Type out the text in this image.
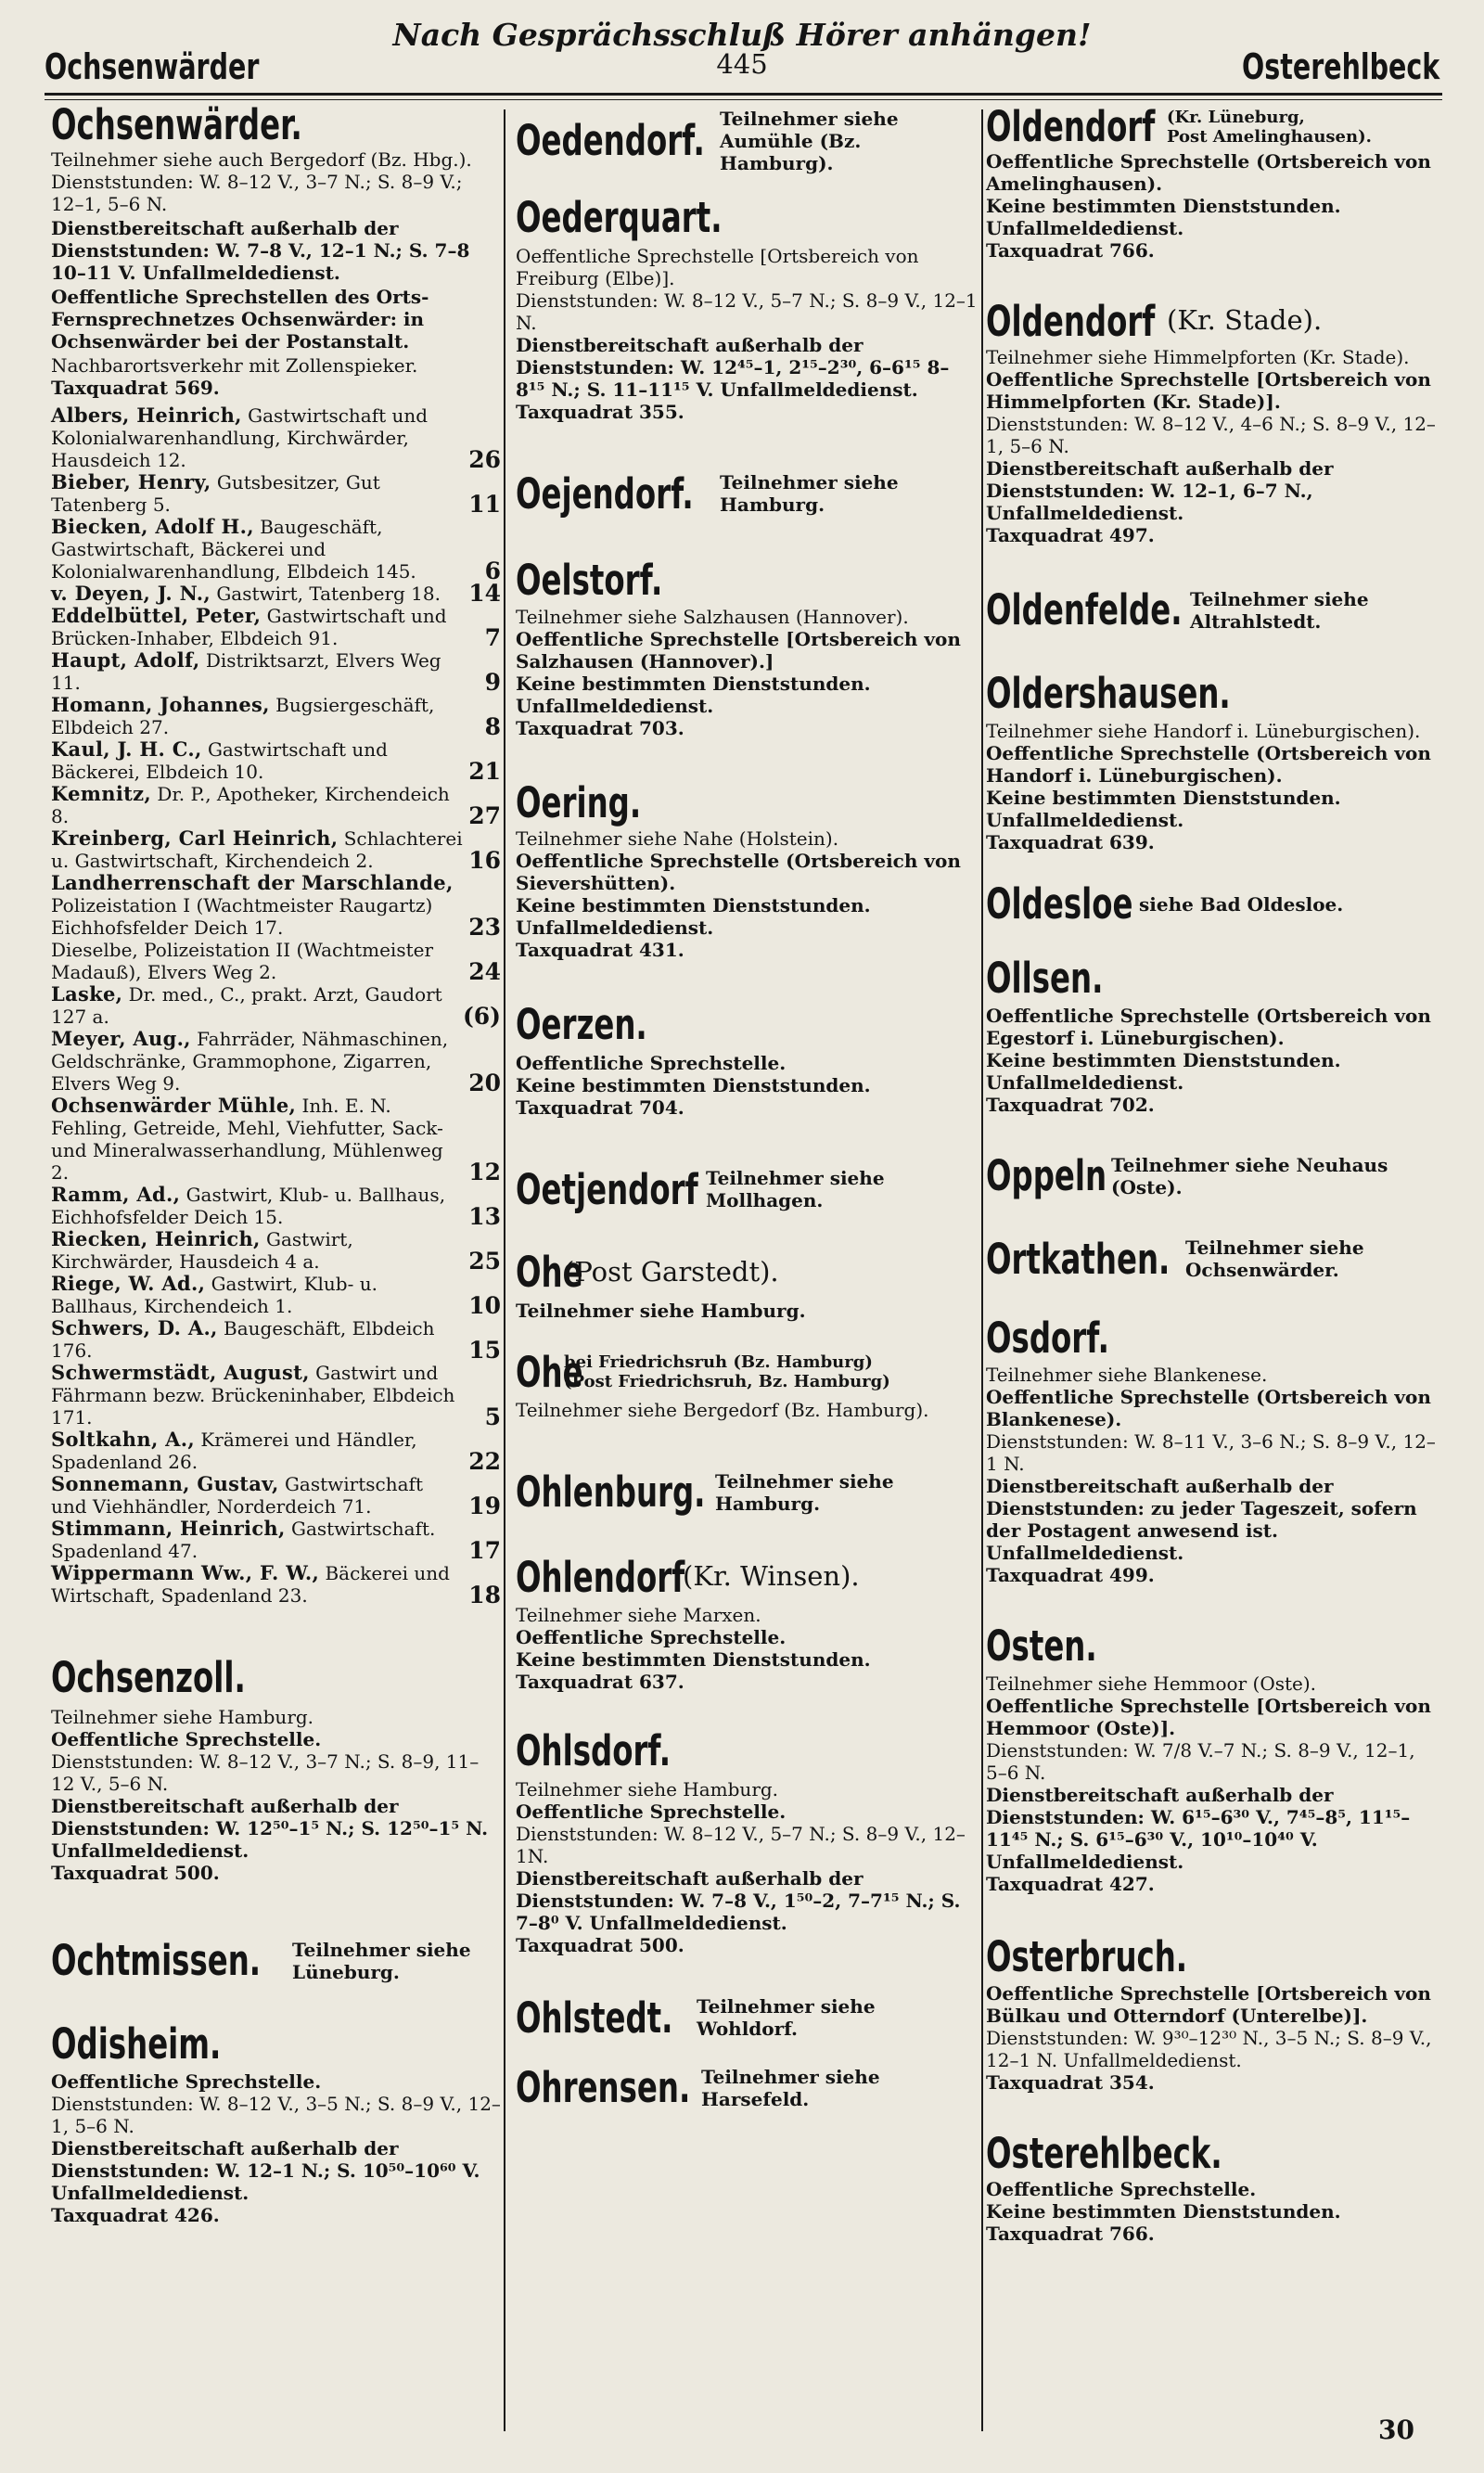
Ochsenwärder
Nach Gesprächsschluß Hörer anhängen!
445	Osterehlbeck
Ochsenwärder.

Teilnehmer siehe auch Bergedorf (Bz. Hbg.).

Dienststunden: W. 8–12 V., 3–7 N.; S. 8–9 V.; 12–1, 5–6 N.

Dienstbereitschaft außerhalb der Dienststunden: W. 7–8 V., 12–1 N.; S. 7–8 10–11 V. Unfallmeldedienst.

Oeffentliche Sprechstellen des Orts-Fernsprechnetzes Ochsenwärder: in Ochsenwärder bei der Postanstalt.

Nachbarortsverkehr mit Zollenspieker.

Taxquadrat 569.

Albers, Heinrich, Gastwirtschaft und Kolonialwarenhandlung, Kirchwärder, Hausdeich 12.	26
Bieber, Henry, Gutsbesitzer, Gut Tatenberg 5.	11
Biecken, Adolf H., Baugeschäft, Gastwirtschaft, Bäckerei und Kolonialwarenhandlung, Elbdeich 145.	6
v. Deyen, J. N., Gastwirt, Tatenberg 18.	14
Eddelbüttel, Peter, Gastwirtschaft und Brücken-Inhaber, Elbdeich 91.	7
Haupt, Adolf, Distriktsarzt, Elvers Weg 11.	9
Homann, Johannes, Bugsiergeschäft, Elbdeich 27.	8
Kaul, J. H. C., Gastwirtschaft und Bäckerei, Elbdeich 10.	21
Kemnitz, Dr. P., Apotheker, Kirchendeich 8.	27
Kreinberg, Carl Heinrich, Schlachterei u. Gastwirtschaft, Kirchendeich 2.	16
Landherrenschaft der Marschlande, Polizeistation I (Wachtmeister Raugartz) Eichhofsfelder Deich 17.	23
Dieselbe, Polizeistation II (Wachtmeister Madauß), Elvers Weg 2.	24
Laske, Dr. med., C., prakt. Arzt, Gaudort 127 a.	(6)
Meyer, Aug., Fahrräder, Nähmaschinen, Geldschränke, Grammophone, Zigarren, Elvers Weg 9.	20
Ochsenwärder Mühle, Inh. E. N. Fehling, Getreide, Mehl, Viehfutter, Sack- und Mineralwasserhandlung, Mühlenweg 2.	12
Ramm, Ad., Gastwirt, Klub- u. Ballhaus, Eichhofsfelder Deich 15.	13
Riecken, Heinrich, Gastwirt, Kirchwärder, Hausdeich 4 a.	25
Riege, W. Ad., Gastwirt, Klub- u. Ballhaus, Kirchendeich 1.	10
Schwers, D. A., Baugeschäft, Elbdeich 176.	15
Schwermstädt, August, Gastwirt und Fährmann bezw. Brückeninhaber, Elbdeich 171.	5
Soltkahn, A., Krämerei und Händler, Spadenland 26.	22
Sonnemann, Gustav, Gastwirtschaft und Viehhändler, Norderdeich 71.	19
Stimmann, Heinrich, Gastwirtschaft. Spadenland 47.	17
Wippermann Ww., F. W., Bäckerei und Wirtschaft, Spadenland 23.	18
Ochsenzoll.

Teilnehmer siehe Hamburg.

Oeffentliche Sprechstelle.

Dienststunden: W. 8–12 V., 3–7 N.; S. 8–9, 11–12 V., 5–6 N.

Dienstbereitschaft außerhalb der Dienststunden: W. 12⁵⁰–1⁵ N.; S. 12⁵⁰–1⁵ N. Unfallmeldedienst.

Taxquadrat 500.

Ochtmissen. Teilnehmer siehe Lüneburg.
Odisheim.

Oeffentliche Sprechstelle.

Dienststunden: W. 8–12 V., 3–5 N.; S. 8–9 V., 12–1, 5–6 N.

Dienstbereitschaft außerhalb der Dienststunden: W. 12–1 N.; S. 10⁵⁰–10⁶⁰ V.

Unfallmeldedienst.

Taxquadrat 426.

Oedendorf. Teilnehmer siehe Aumühle (Bz. Hamburg).
Oederquart.

Oeffentliche Sprechstelle [Ortsbereich von Freiburg (Elbe)].

Dienststunden: W. 8–12 V., 5–7 N.; S. 8–9 V., 12–1 N.

Dienstbereitschaft außerhalb der Dienststunden: W. 12⁴⁵–1, 2¹⁵–2³⁰, 6–6¹⁵ 8–8¹⁵ N.; S. 11–11¹⁵ V. Unfallmeldedienst.

Taxquadrat 355.

Oejendorf. Teilnehmer siehe Hamburg.
Oelstorf.

Teilnehmer siehe Salzhausen (Hannover).

Oeffentliche Sprechstelle [Ortsbereich von Salzhausen (Hannover).]

Keine bestimmten Dienststunden. Unfallmeldedienst.

Taxquadrat 703.

Oering.

Teilnehmer siehe Nahe (Holstein).

Oeffentliche Sprechstelle (Ortsbereich von Sievershütten).

Keine bestimmten Dienststunden. Unfallmeldedienst.

Taxquadrat 431.

Oerzen.

Oeffentliche Sprechstelle.

Keine bestimmten Dienststunden.

Taxquadrat 704.

Oetjendorf Teilnehmer siehe Mollhagen.
Ohe
(Post Garstedt).

Teilnehmer siehe Hamburg.

Ohe
bei Friedrichsruh (Bz. Hamburg)
(Post Friedrichsruh, Bz. Hamburg)

Teilnehmer siehe Bergedorf (Bz. Hamburg).

Ohlenburg. Teilnehmer siehe Hamburg.
Ohlendorf
(Kr. Winsen).

Teilnehmer siehe Marxen.

Oeffentliche Sprechstelle.

Keine bestimmten Dienststunden.

Taxquadrat 637.

Ohlsdorf.

Teilnehmer siehe Hamburg.

Oeffentliche Sprechstelle.

Dienststunden: W. 8–12 V., 5–7 N.; S. 8–9 V., 12–1N.

Dienstbereitschaft außerhalb der Dienststunden: W. 7–8 V., 1⁵⁰–2, 7–7¹⁵ N.; S. 7–8⁰ V. Unfallmeldedienst.

Taxquadrat 500.

Ohlstedt. Teilnehmer siehe Wohldorf.
Ohrensen. Teilnehmer siehe Harsefeld.
Oldendorf (Kr. Lüneburg,
Post Amelinghausen).

Oeffentliche Sprechstelle (Ortsbereich von Amelinghausen).

Keine bestimmten Dienststunden. Unfallmeldedienst.

Taxquadrat 766.

Oldendorf (Kr. Stade).

Teilnehmer siehe Himmelpforten (Kr. Stade).

Oeffentliche Sprechstelle [Ortsbereich von Himmelpforten (Kr. Stade)].

Dienststunden: W. 8–12 V., 4–6 N.; S. 8–9 V., 12–1, 5–6 N.

Dienstbereitschaft außerhalb der Dienststunden: W. 12–1, 6–7 N., Unfallmeldedienst.

Taxquadrat 497.

Oldenfelde. Teilnehmer siehe Altrahlstedt.
Oldershausen.

Teilnehmer siehe Handorf i. Lüneburgischen).

Oeffentliche Sprechstelle (Ortsbereich von Handorf i. Lüneburgischen).

Keine bestimmten Dienststunden. Unfallmeldedienst.

Taxquadrat 639.

Oldesloe siehe Bad Oldesloe.
Ollsen.

Oeffentliche Sprechstelle (Ortsbereich von Egestorf i. Lüneburgischen).

Keine bestimmten Dienststunden. Unfallmeldedienst.

Taxquadrat 702.

Oppeln Teilnehmer siehe Neuhaus (Oste).
Ortkathen. Teilnehmer siehe Ochsenwärder.
Osdorf.

Teilnehmer siehe Blankenese.

Oeffentliche Sprechstelle (Ortsbereich von Blankenese).

Dienststunden: W. 8–11 V., 3–6 N.; S. 8–9 V., 12–1 N.

Dienstbereitschaft außerhalb der Dienststunden: zu jeder Tageszeit, sofern der Postagent anwesend ist. Unfallmeldedienst.

Taxquadrat 499.

Osten.

Teilnehmer siehe Hemmoor (Oste).

Oeffentliche Sprechstelle [Ortsbereich von Hemmoor (Oste)].

Dienststunden: W. 7/8 V.–7 N.; S. 8–9 V., 12–1, 5–6 N.

Dienstbereitschaft außerhalb der Dienststunden: W. 6¹⁵–6³⁰ V., 7⁴⁵–8⁵, 11¹⁵–11⁴⁵ N.; S. 6¹⁵–6³⁰ V., 10¹⁰–10⁴⁰ V. Unfallmeldedienst.

Taxquadrat 427.

Osterbruch.

Oeffentliche Sprechstelle [Ortsbereich von Bülkau und Otterndorf (Unterelbe)].

Dienststunden: W. 9³⁰–12³⁰ N., 3–5 N.; S. 8–9 V., 12–1 N. Unfallmeldedienst.

Taxquadrat 354.

Osterehlbeck.

Oeffentliche Sprechstelle.

Keine bestimmten Dienststunden. Taxquadrat 766.

30
